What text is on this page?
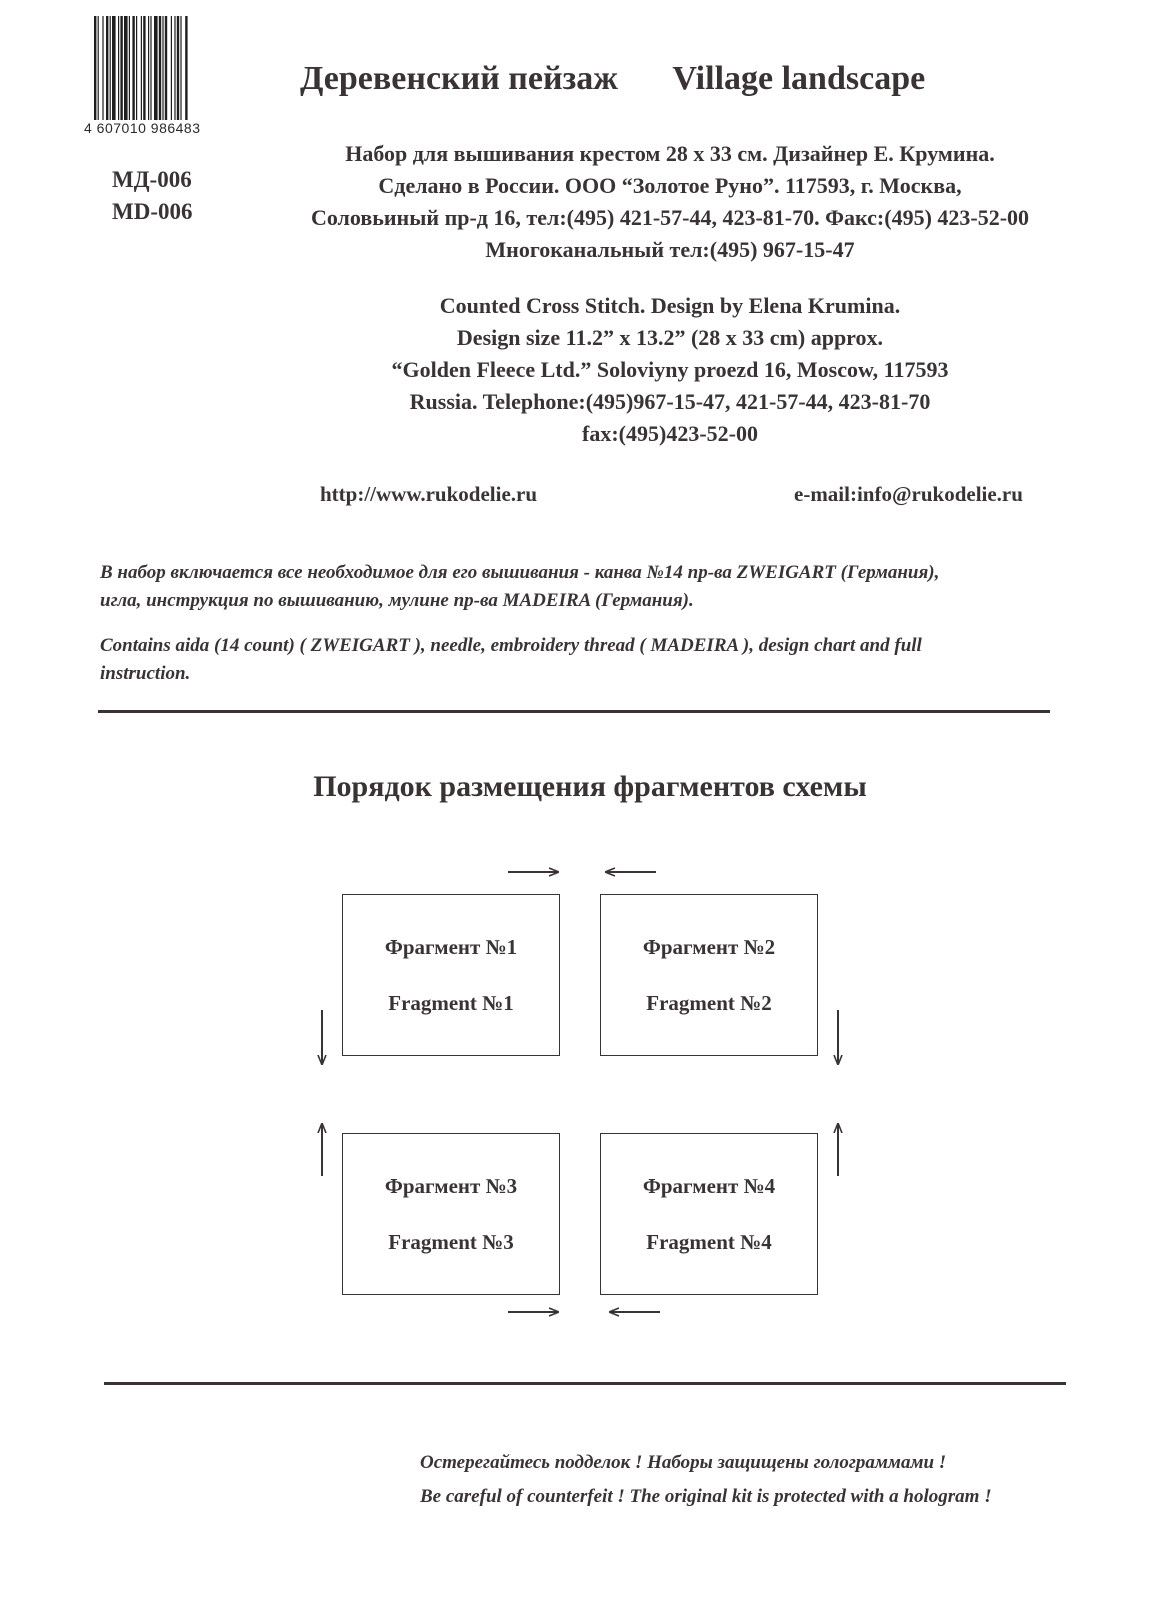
4 607010 986483
МД-006
MD-006
Деревенский пейзаж Village landscape
Набор для вышивания крестом 28 х 33 см. Дизайнер Е. Крумина.
Сделано в России. ООО “Золотое Руно”. 117593, г. Москва,
Соловьиный пр-д 16, тел:(495) 421-57-44, 423-81-70. Факс:(495) 423-52-00
Многоканальный тел:(495) 967-15-47
Counted Cross Stitch. Design by Elena Krumina.
Design size 11.2” x 13.2” (28 x 33 cm) approx.
“Golden Fleece Ltd.” Soloviyny proezd 16, Moscow, 117593
Russia. Telephone:(495)967-15-47, 421-57-44, 423-81-70
fax:(495)423-52-00
http://www.rukodelie.ru	e-mail:info@rukodelie.ru
В набор включается все необходимое для его вышивания - канва №14 пр-ва ZWEIGART (Германия),
игла, инструкция по вышиванию, мулине пр-ва MADEIRA (Германия).
Contains aida (14 count) ( ZWEIGART ), needle, embroidery thread ( MADEIRA ), design chart and full
instruction.
Порядок размещения фрагментов схемы
Фрагмент №1
Fragment №1
Фрагмент №2
Fragment №2
Фрагмент №3
Fragment №3
Фрагмент №4
Fragment №4
Остерегайтесь подделок ! Наборы защищены голограммами !
Be careful of counterfeit ! The original kit is protected with a hologram !
